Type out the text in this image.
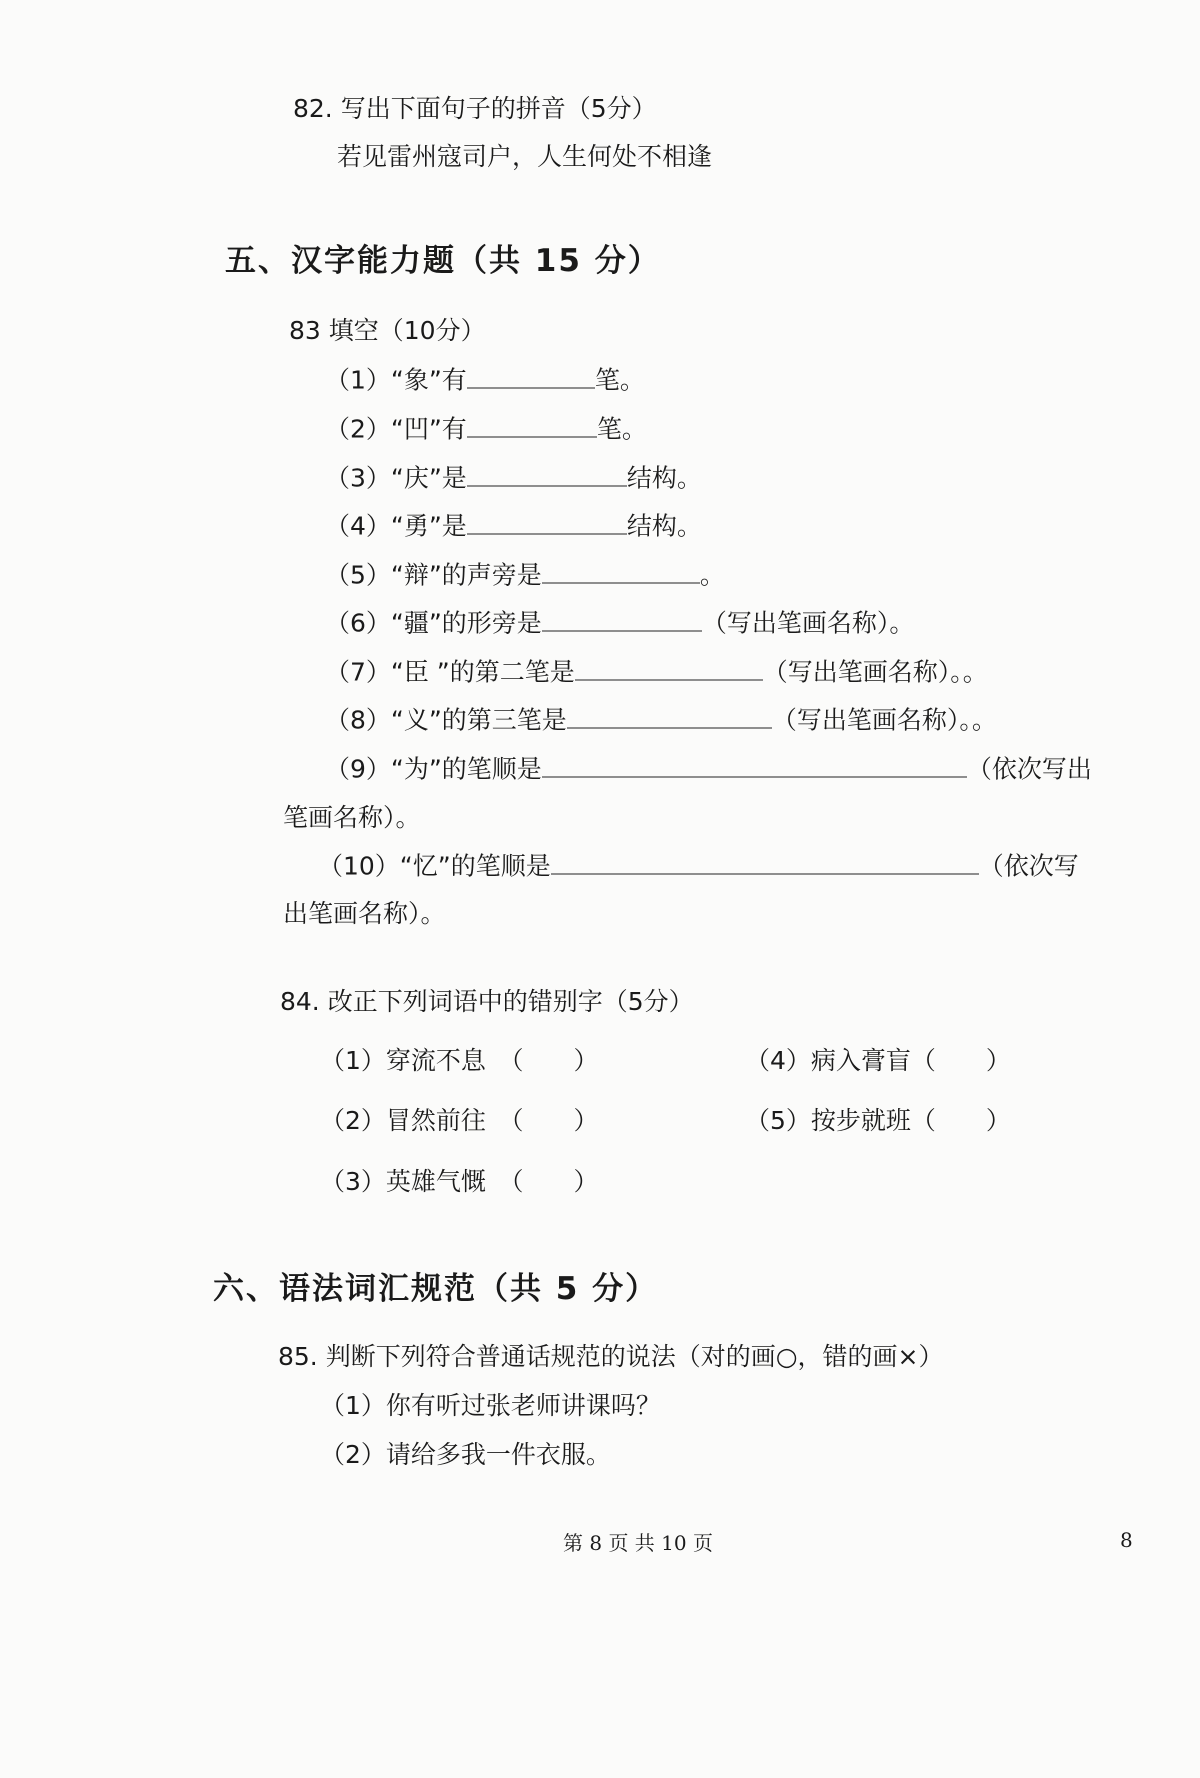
82. 写出下面句子的拼音（5分）
若见雷州寇司户，人生何处不相逢
五、汉字能力题（共 15 分）
83 填空（10分）
（1）“象”有	笔。
（2）“凹”有	笔。
（3）“庆”是	结构。
（4）“勇”是	结构。
（5）“辩”的声旁是	。
（6）“疆”的形旁是	（写出笔画名称）。
（7）“臣 ”的第二笔是	（写出笔画名称）。。
（8）“义”的第三笔是	（写出笔画名称）。。
（9）“为”的笔顺是	（依次写出
笔画名称）。
（10）“忆”的笔顺是	（依次写
出笔画名称）。
84. 改正下列词语中的错别字（5分）
（1）穿流不息　 （　　）
（2）冒然前往　 （　　）
（3）英雄气慨　 （　　）
（4）病入膏盲（　　）
（5）按步就班（　　）
六、语法词汇规范（共 5 分）
85. 判断下列符合普通话规范的说法（对的画○，错的画×）
（1）你有听过张老师讲课吗？
（2）请给多我一件衣服。
第 8 页 共 10 页	8
